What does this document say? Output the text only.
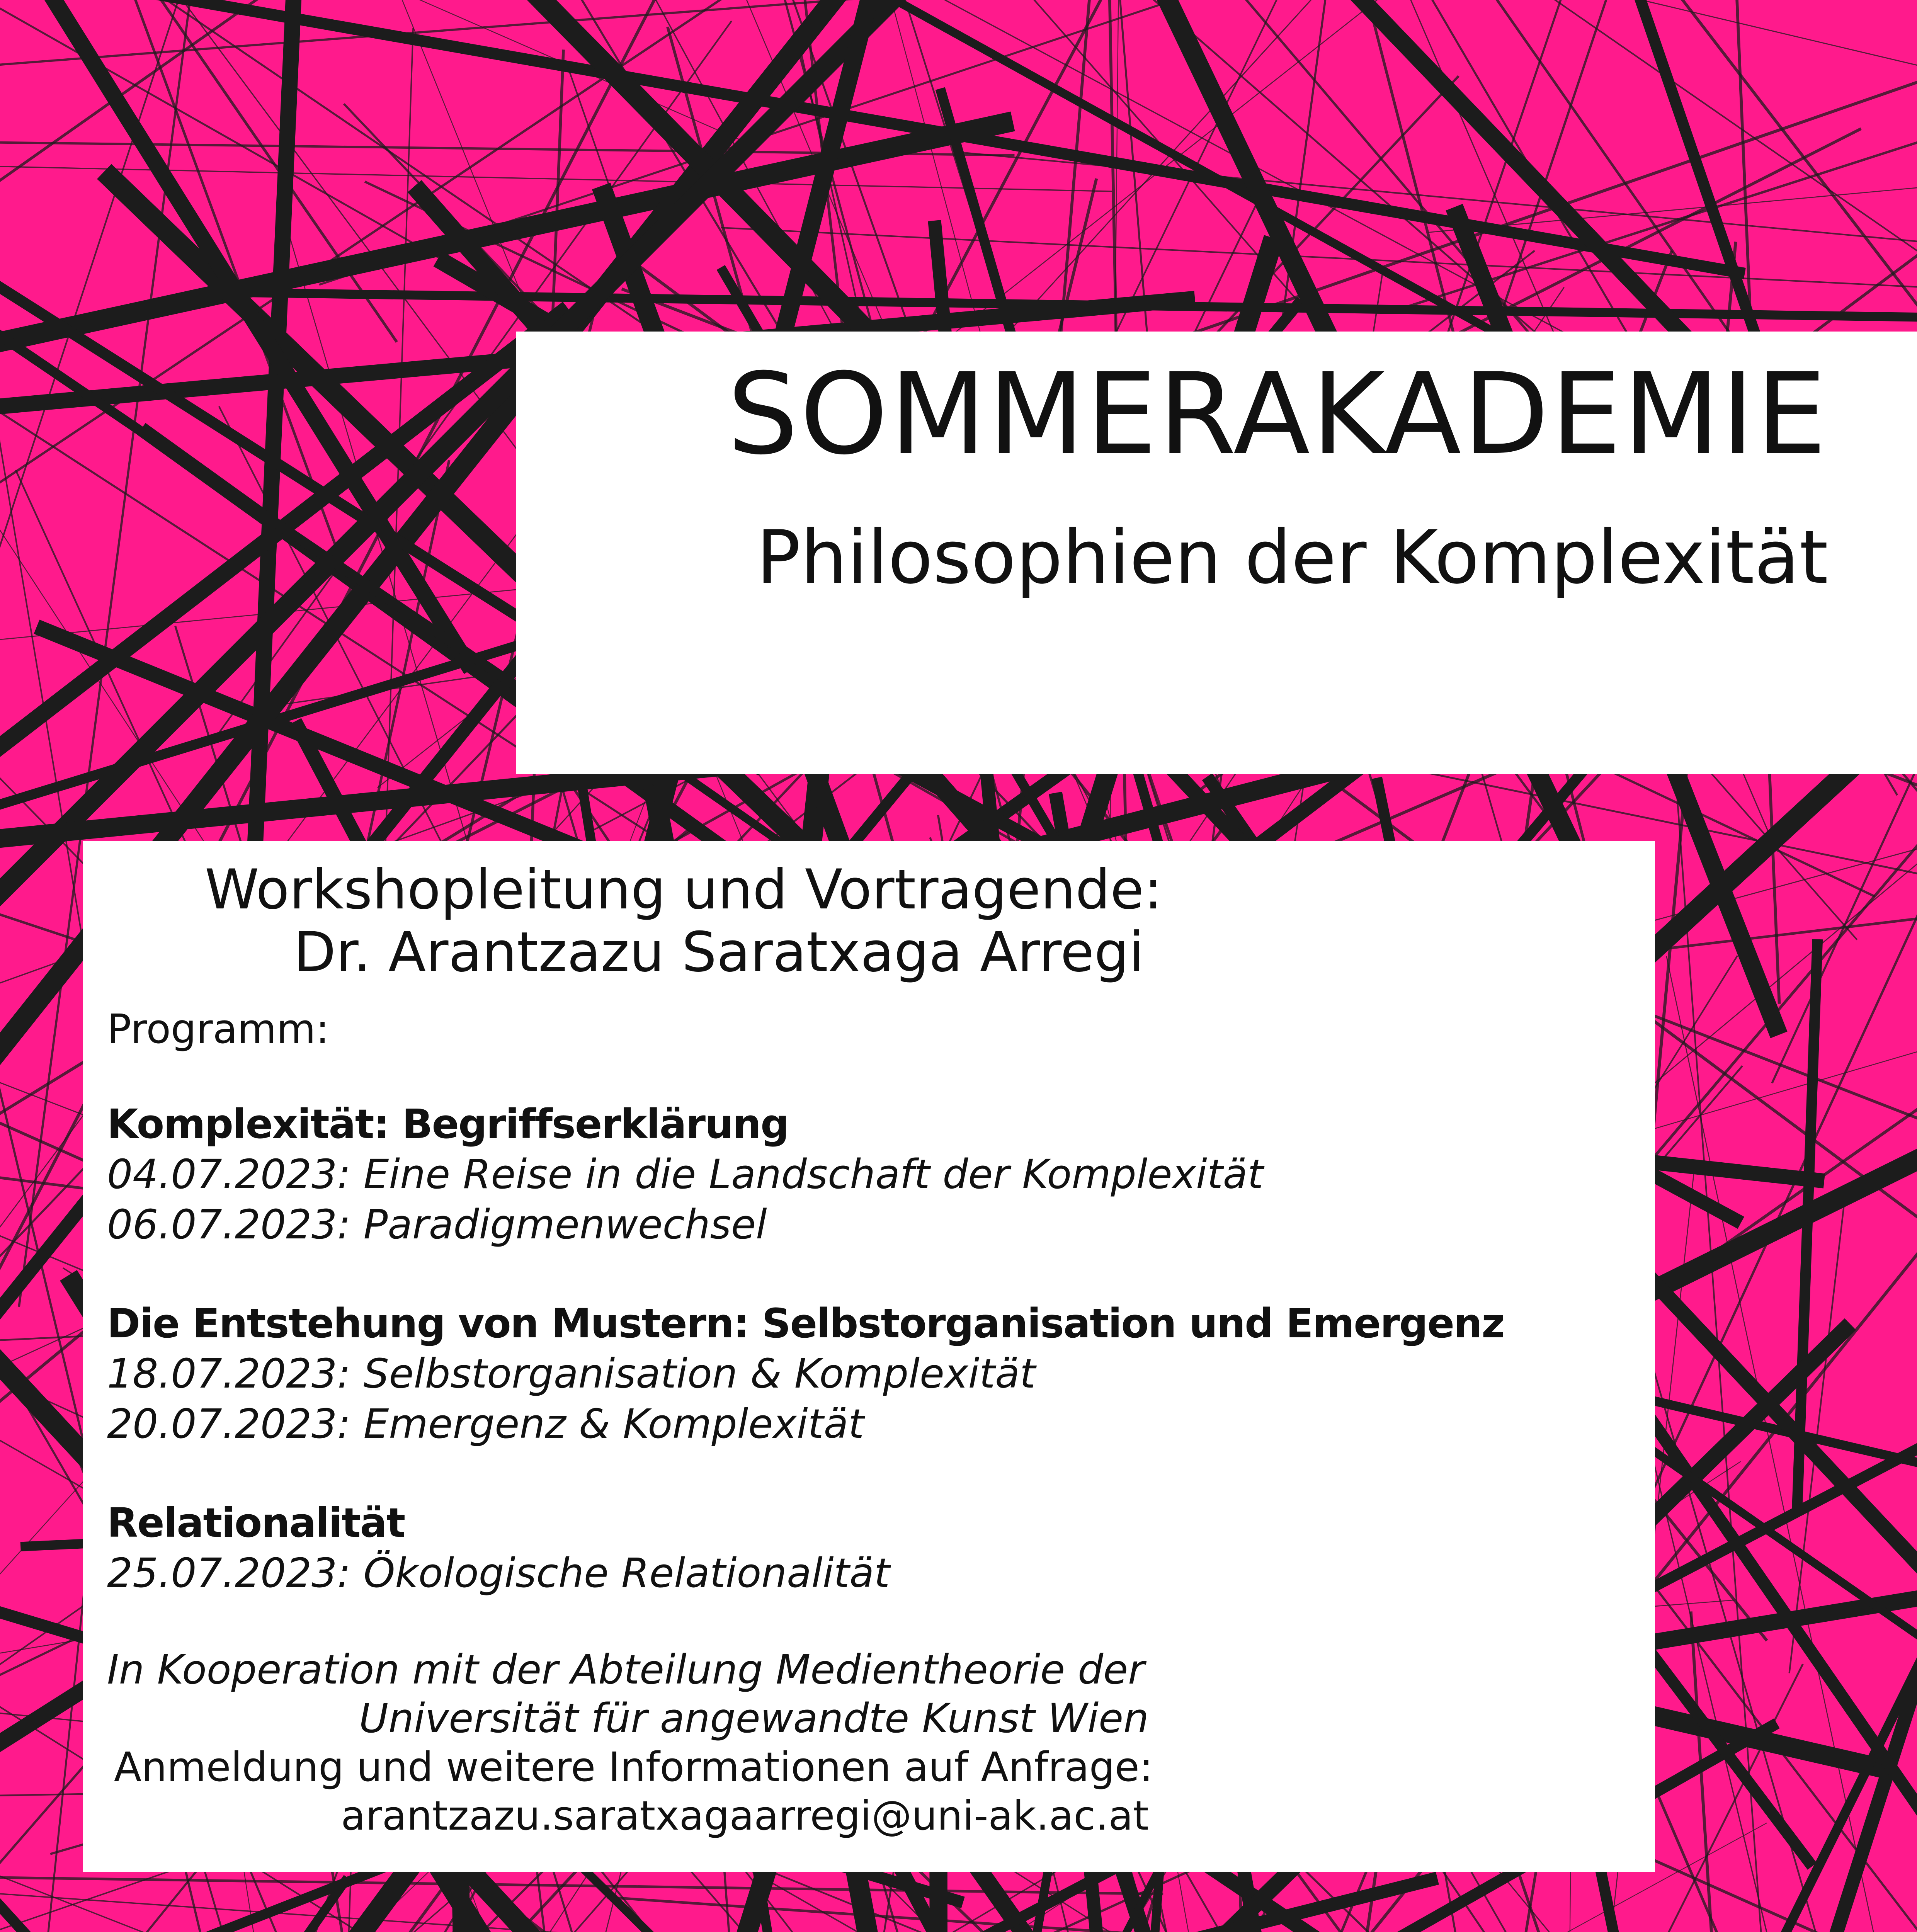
SOMMERAKADEMIE
Philosophien der Komplexität
Workshopleitung und Vortragende:
Dr. Arantzazu Saratxaga Arregi
Programm:
Komplexität: Begriffserklärung
04.07.2023: Eine Reise in die Landschaft der Komplexität
06.07.2023: Paradigmenwechsel
Die Entstehung von Mustern: Selbstorganisation und Emergenz
18.07.2023: Selbstorganisation & Komplexität
20.07.2023: Emergenz & Komplexität
Relationalität
25.07.2023: Ökologische Relationalität
In Kooperation mit der Abteilung Medientheorie der
Universität für angewandte Kunst Wien
Anmeldung und weitere Informationen auf Anfrage:
arantzazu.saratxagaarregi@uni-ak.ac.at
